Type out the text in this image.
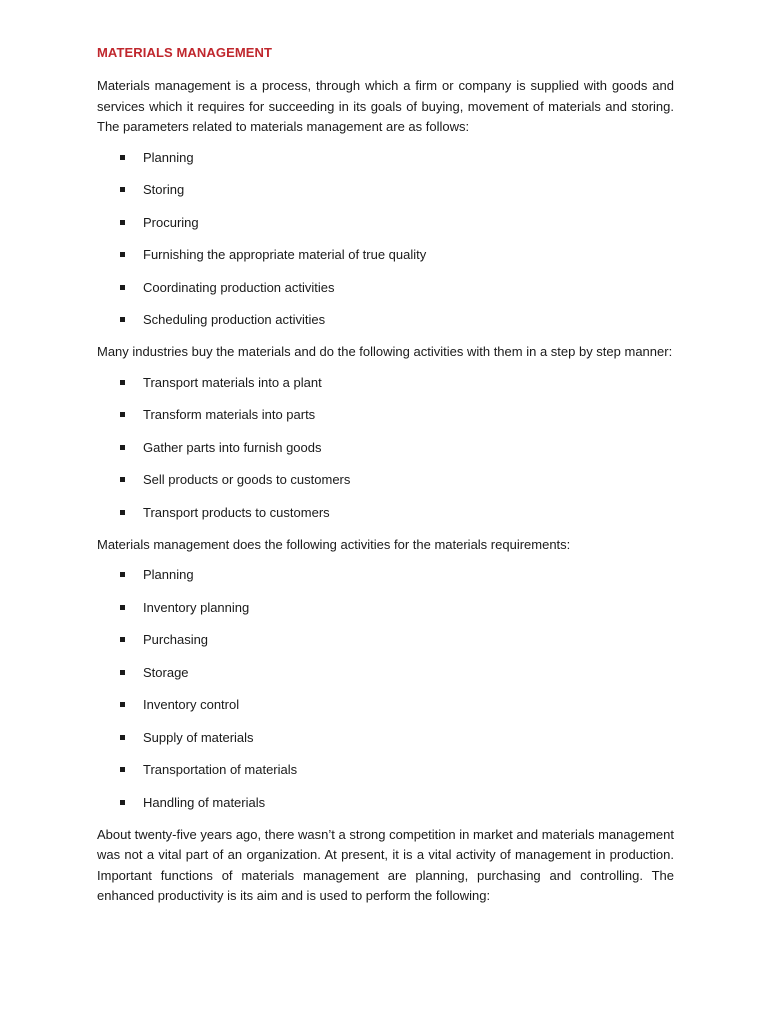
MATERIALS MANAGEMENT

Materials management is a process, through which a firm or company is supplied with goods and services which it requires for succeeding in its goals of buying, movement of materials and storing. The parameters related to materials management are as follows:

Planning
Storing
Procuring
Furnishing the appropriate material of true quality
Coordinating production activities
Scheduling production activities

Many industries buy the materials and do the following activities with them in a step by step manner:

Transport materials into a plant
Transform materials into parts
Gather parts into furnish goods
Sell products or goods to customers
Transport products to customers

Materials management does the following activities for the materials requirements:

Planning
Inventory planning
Purchasing
Storage
Inventory control
Supply of materials
Transportation of materials
Handling of materials

About twenty-five years ago, there wasn’t a strong competition in market and materials management was not a vital part of an organization. At present, it is a vital activity of management in production. Important functions of materials management are planning, purchasing and controlling. The enhanced productivity is its aim and is used to perform the following:
